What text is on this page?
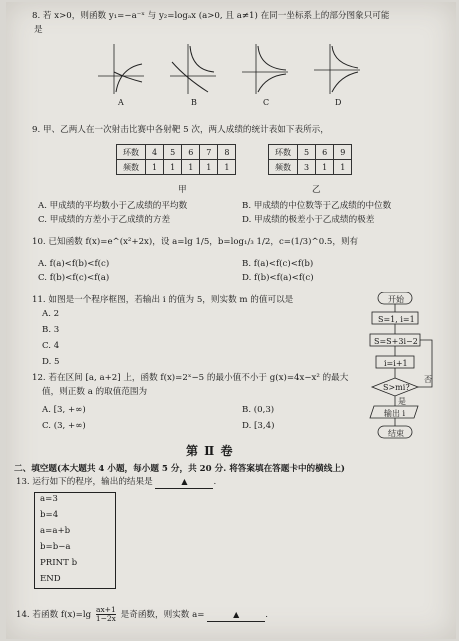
8. 若 x>0，则函数 y₁=−a⁻ˣ 与 y₂=logₐx (a>0, 且 a≠1) 在同一坐标系上的部分图象只可能
是
A	B	C	D
9. 甲、乙两人在一次射击比赛中各射靶 5 次，两人成绩的统计表如下表所示，
环数	4	5	6	7	8
频数	1	1	1	1	1
甲
环数	5	6	9
频数	3	1	1
乙
A. 甲成绩的平均数小于乙成绩的平均数	B. 甲成绩的中位数等于乙成绩的中位数
C. 甲成绩的方差小于乙成绩的方差	D. 甲成绩的极差小于乙成绩的极差
10. 已知函数 f(x)=e^(x²+2x)，设 a=lg 1/5，b=log₁/₃ 1/2，c=(1/3)^0.5，则有
A. f(a)<f(b)<f(c)	B. f(a)<f(c)<f(b)
C. f(b)<f(c)<f(a)	D. f(b)<f(a)<f(c)
11. 如图是一个程序框图，若输出 i 的值为 5，则实数 m 的值可以是
A. 2
B. 3
C. 4
D. 5
开始
S=1, i=1
S=S+3i−2
i=i+1
S>mi?
否
是
输出 i
结束
12. 若在区间 [a, a+2] 上，函数 f(x)=2ˣ−5 的最小值不小于 g(x)=4x−x² 的最大
值，则正数 a 的取值范围为
A. [3, +∞)	B. (0,3)
C. (3, +∞)	D. [3,4)
第 Ⅱ 卷
二、填空题(本大题共 4 小题，每小题 5 分，共 20 分. 将答案填在答题卡中的横线上)
13. 运行如下的程序，输出的结果是	▲	.
a=3
b=4
a=a+b
b=b−a
PRINT b
END
14. 若函数 $f(x)=\lg \frac{ax+1}{1-2x}$ 是奇函数，则实数 a=	▲	.
